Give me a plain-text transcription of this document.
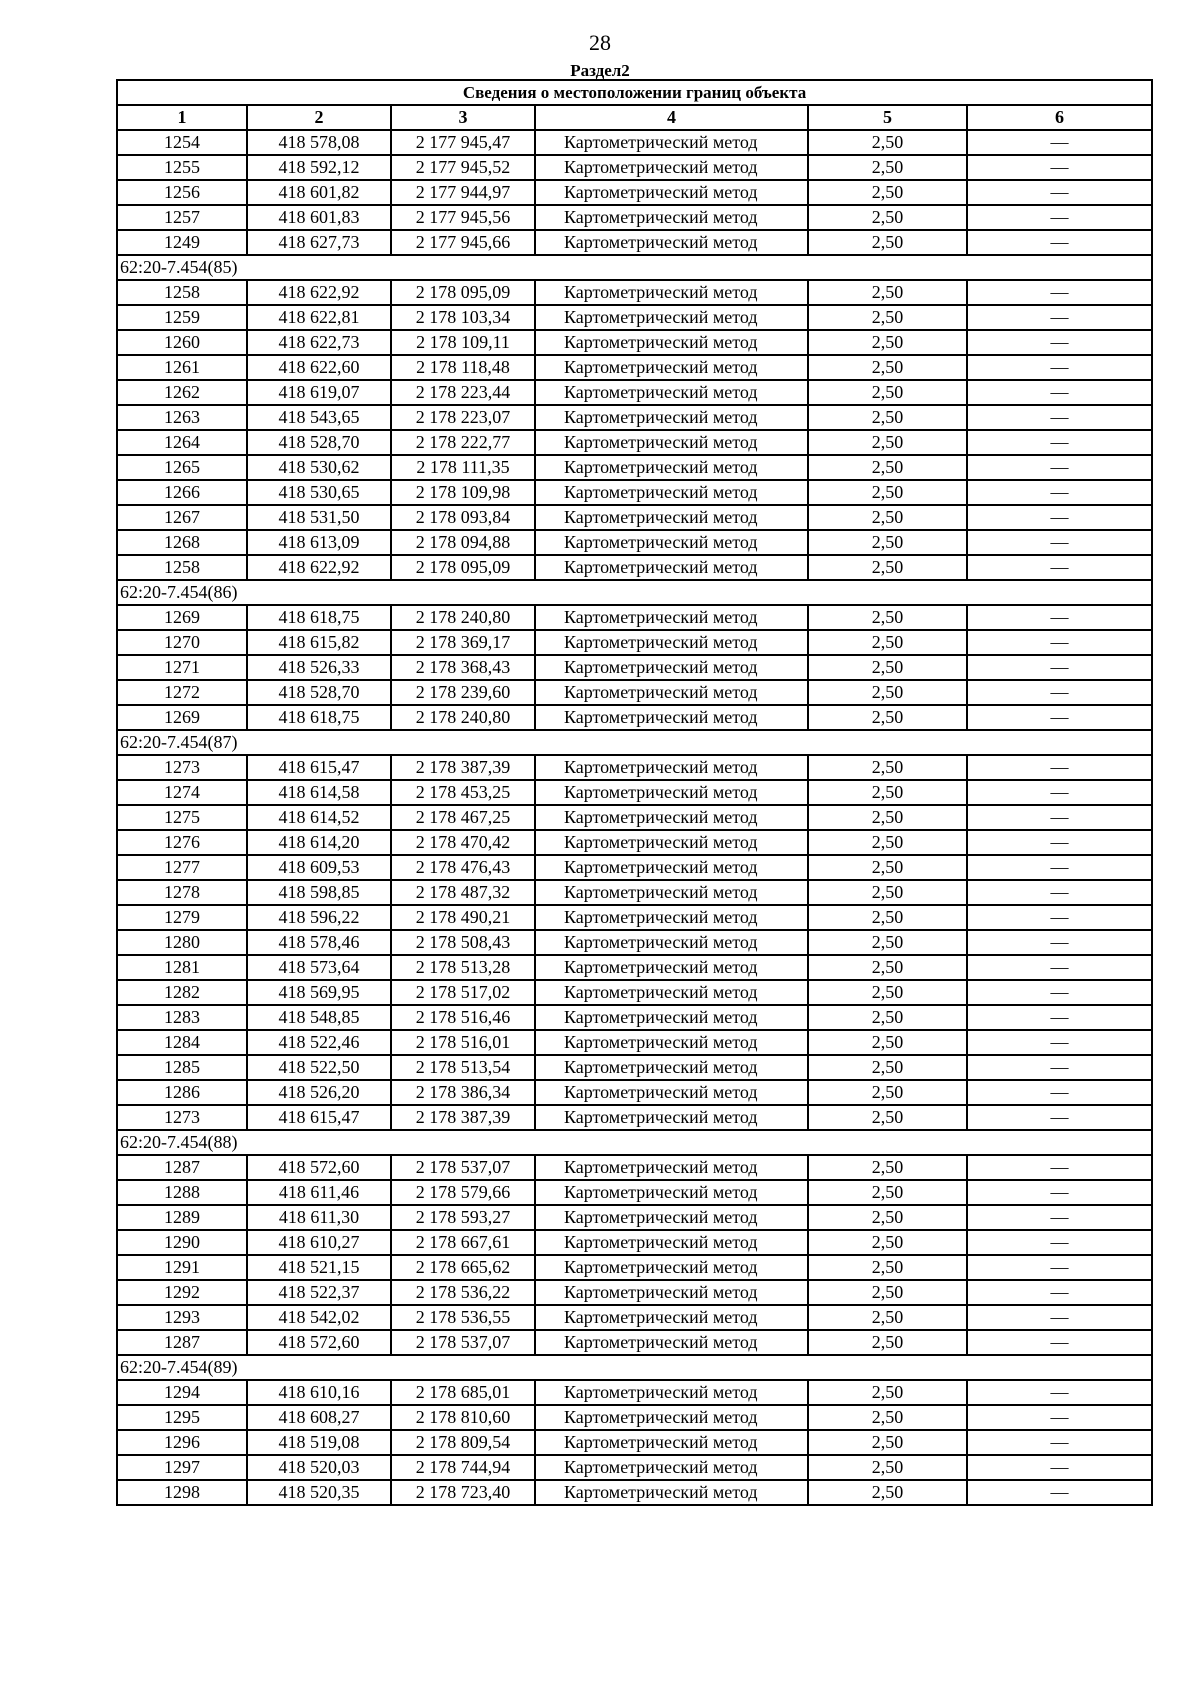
28
Раздел2
Сведения о местоположении границ объекта					
1	2	3	4	5	6
1254	418 578,08	2 177 945,47	Картометрический метод	2,50	—
1255	418 592,12	2 177 945,52	Картометрический метод	2,50	—
1256	418 601,82	2 177 944,97	Картометрический метод	2,50	—
1257	418 601,83	2 177 945,56	Картометрический метод	2,50	—
1249	418 627,73	2 177 945,66	Картометрический метод	2,50	—
62:20-7.454(85)					
1258	418 622,92	2 178 095,09	Картометрический метод	2,50	—
1259	418 622,81	2 178 103,34	Картометрический метод	2,50	—
1260	418 622,73	2 178 109,11	Картометрический метод	2,50	—
1261	418 622,60	2 178 118,48	Картометрический метод	2,50	—
1262	418 619,07	2 178 223,44	Картометрический метод	2,50	—
1263	418 543,65	2 178 223,07	Картометрический метод	2,50	—
1264	418 528,70	2 178 222,77	Картометрический метод	2,50	—
1265	418 530,62	2 178 111,35	Картометрический метод	2,50	—
1266	418 530,65	2 178 109,98	Картометрический метод	2,50	—
1267	418 531,50	2 178 093,84	Картометрический метод	2,50	—
1268	418 613,09	2 178 094,88	Картометрический метод	2,50	—
1258	418 622,92	2 178 095,09	Картометрический метод	2,50	—
62:20-7.454(86)					
1269	418 618,75	2 178 240,80	Картометрический метод	2,50	—
1270	418 615,82	2 178 369,17	Картометрический метод	2,50	—
1271	418 526,33	2 178 368,43	Картометрический метод	2,50	—
1272	418 528,70	2 178 239,60	Картометрический метод	2,50	—
1269	418 618,75	2 178 240,80	Картометрический метод	2,50	—
62:20-7.454(87)					
1273	418 615,47	2 178 387,39	Картометрический метод	2,50	—
1274	418 614,58	2 178 453,25	Картометрический метод	2,50	—
1275	418 614,52	2 178 467,25	Картометрический метод	2,50	—
1276	418 614,20	2 178 470,42	Картометрический метод	2,50	—
1277	418 609,53	2 178 476,43	Картометрический метод	2,50	—
1278	418 598,85	2 178 487,32	Картометрический метод	2,50	—
1279	418 596,22	2 178 490,21	Картометрический метод	2,50	—
1280	418 578,46	2 178 508,43	Картометрический метод	2,50	—
1281	418 573,64	2 178 513,28	Картометрический метод	2,50	—
1282	418 569,95	2 178 517,02	Картометрический метод	2,50	—
1283	418 548,85	2 178 516,46	Картометрический метод	2,50	—
1284	418 522,46	2 178 516,01	Картометрический метод	2,50	—
1285	418 522,50	2 178 513,54	Картометрический метод	2,50	—
1286	418 526,20	2 178 386,34	Картометрический метод	2,50	—
1273	418 615,47	2 178 387,39	Картометрический метод	2,50	—
62:20-7.454(88)					
1287	418 572,60	2 178 537,07	Картометрический метод	2,50	—
1288	418 611,46	2 178 579,66	Картометрический метод	2,50	—
1289	418 611,30	2 178 593,27	Картометрический метод	2,50	—
1290	418 610,27	2 178 667,61	Картометрический метод	2,50	—
1291	418 521,15	2 178 665,62	Картометрический метод	2,50	—
1292	418 522,37	2 178 536,22	Картометрический метод	2,50	—
1293	418 542,02	2 178 536,55	Картометрический метод	2,50	—
1287	418 572,60	2 178 537,07	Картометрический метод	2,50	—
62:20-7.454(89)					
1294	418 610,16	2 178 685,01	Картометрический метод	2,50	—
1295	418 608,27	2 178 810,60	Картометрический метод	2,50	—
1296	418 519,08	2 178 809,54	Картометрический метод	2,50	—
1297	418 520,03	2 178 744,94	Картометрический метод	2,50	—
1298	418 520,35	2 178 723,40	Картометрический метод	2,50	—
